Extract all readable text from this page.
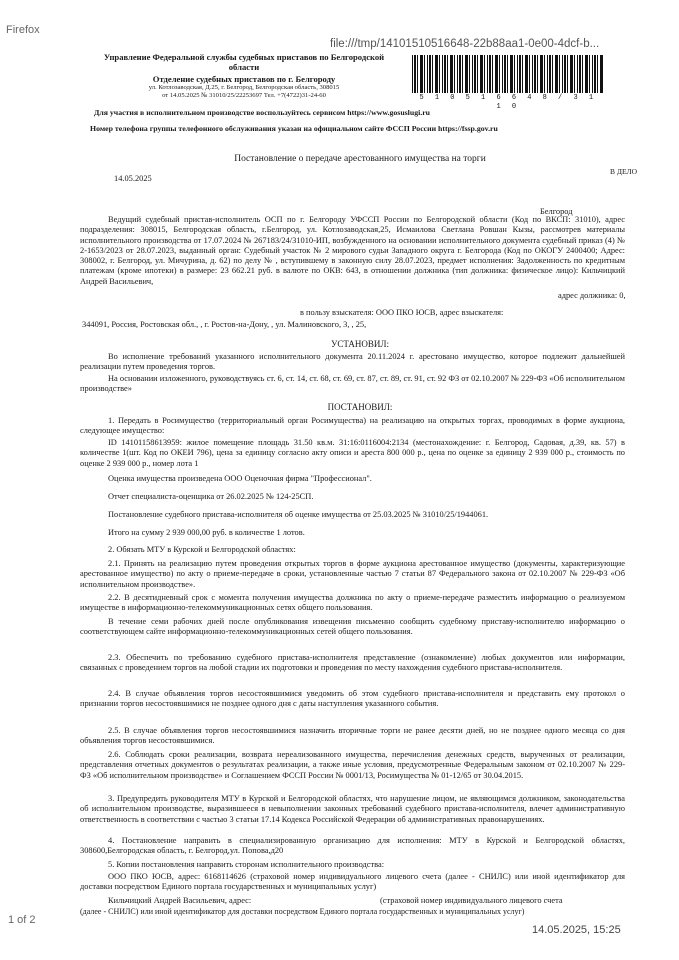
Firefox
file:///tmp/14101510516648-22b88aa1-0e00-4dcf-b...
Управление Федеральной службы судебных приставов по Белгородской
области
Отделение судебных приставов по г. Белгороду
ул. Котлозаводская, Д.25, г. Белгород, Белгородская область, 308015
от 14.05.2025 № 31010/25/22253697 Тел. +7(4722)31-24-60	5 1 0 5 1 6 6 4 8 / 3 1 1 0
Для участия в исполнительном производстве воспользуйтесь сервисом https://www.gosuslugi.ru
Номер телефона группы телефонного обслуживания указан на официальном сайте ФССП России https://fssp.gov.ru
В ДЕЛО
Постановление о передаче арестованного имущества на торги
14.05.2025
Белгород
Ведущий судебный пристав-исполнитель ОСП по г. Белгороду УФССП России по Белгородской области (Код по ВКСП: 31010), адрес подразделения: 308015, Белгородская область, г.Белгород, ул. Котлозаводская,25, Исмаилова Светлана Ровшан Кызы, рассмотрев материалы исполнительного производства от 17.07.2024 № 267183/24/31010-ИП, возбужденного на основании исполнительного документа судебный приказ (4) № 2-1653/2023 от 28.07.2023, выданный орган: Судебный участок № 2 мирового судьи Западного округа г. Белгорода (Код по ОКОГУ 2400400; Адрес: 308002, г. Белгород, ул. Мичурина, д. 62) по делу № , вступившему в законную силу 28.07.2023, предмет исполнения: Задолженность по кредитным платежам (кроме ипотеки) в размере: 23 662.21 руб. в валюте по ОКВ: 643, в отношении должника (тип должника: физическое лицо): Кильчицкий Андрей Васильевич,
адрес должника: 0,
в пользу взыскателя: ООО ПКО ЮСВ, адрес взыскателя:
344091, Россия, Ростовская обл., , г. Ростов-на-Дону, , ул. Малиновского, 3, , 25,
УСТАНОВИЛ:
Во исполнение требований указанного исполнительного документа 20.11.2024 г. арестовано имущество, которое подлежит дальнейшей реализации путем проведения торгов.
На основании изложенного, руководствуясь ст. 6, ст. 14, ст. 68, ст. 69, ст. 87, ст. 89, ст. 91, ст. 92 ФЗ от 02.10.2007 № 229-ФЗ «Об исполнительном производстве»
ПОСТАНОВИЛ:
1. Передать в Росимущество (территориальный орган Росимущества) на реализацию на открытых торгах, проводимых в форме аукциона, следующее имущество:
ID 14101158613959: жилое помещение площадь 31.50 кв.м. 31:16:0116004:2134 (местонахождение: г. Белгород, Садовая, д.39, кв. 57) в количестве 1(шт. Код по ОКЕИ 796), цена за единицу согласно акту описи и ареста 800 000 р., цена по оценке за единицу 2 939 000 р., стоимость по оценке 2 939 000 р., номер лота 1
Оценка имущества произведена ООО Оценочная фирма "Профессионал".
Отчет специалиста-оценщика от 26.02.2025 № 124-25СП.
Постановление судебного пристава-исполнителя об оценке имущества от 25.03.2025 № 31010/25/1944061.
Итого на сумму 2 939 000,00 руб. в количестве 1 лотов.
2. Обязать МТУ в Курской и Белгородской областях:
2.1. Принять на реализацию путем проведения открытых торгов в форме аукциона арестованное имущество (документы, характеризующие арестованное имущество) по акту о приеме-передаче в сроки, установленные частью 7 статьи 87 Федерального закона от 02.10.2007 № 229-ФЗ «Об исполнительном производстве».
2.2. В десятидневный срок с момента получения имущества должника по акту о приеме-передаче разместить информацию о реализуемом имуществе в информационно-телекоммуникационных сетях общего пользования.
В течение семи рабочих дней после опубликования извещения письменно сообщить судебному приставу-исполнителю информацию о соответствующем сайте информационно-телекоммуникационных сетей общего пользования.
2.3. Обеспечить по требованию судебного пристава-исполнителя представление (ознакомление) любых документов или информации, связанных с проведением торгов на любой стадии их подготовки и проведения по месту нахождения судебного пристава-исполнителя.
2.4. В случае объявления торгов несостоявшимися уведомить об этом судебного пристава-исполнителя и представить ему протокол о признании торгов несостоявшимися не позднее одного дня с даты наступления указанного события.
2.5. В случае объявления торгов несостоявшимися назначить вторичные торги не ранее десяти дней, но не позднее одного месяца со дня объявления торгов несостоявшимися.
2.6. Соблюдать сроки реализации, возврата нереализованного имущества, перечисления денежных средств, вырученных от реализации, представления отчетных документов о результатах реализации, а также иные условия, предусмотренные Федеральным законом от 02.10.2007 № 229-ФЗ «Об исполнительном производстве» и Соглашением ФССП России № 0001/13, Росимущества № 01-12/65 от 30.04.2015.
3. Предупредить руководителя МТУ в Курской и Белгородской областях, что нарушение лицом, не являющимся должником, законодательства об исполнительном производстве, выразившееся в невыполнении законных требований судебного пристава-исполнителя, влечет административную ответственность в соответствии с частью 3 статьи 17.14 Кодекса Российской Федерации об административных правонарушениях.
4. Постановление направить в специализированную организацию для исполнения: МТУ в Курской и Белгородской областях, 308600,Белгородская область, г. Белгород,ул. Попова,д20
5. Копии постановления направить сторонам исполнительного производства:
ООО ПКО ЮСВ, адрес: 6168114626 (страховой номер индивидуального лицевого счета (далее - СНИЛС) или иной идентификатор для доставки посредством Единого портала государственных и муниципальных услуг)
Кильчицкий Андрей Васильевич, адрес:	(страховой номер индивидуального лицевого счета
(далее - СНИЛС) или иной идентификатор для доставки посредством Единого портала государственных и муниципальных услуг)
1 of 2
14.05.2025, 15:25
